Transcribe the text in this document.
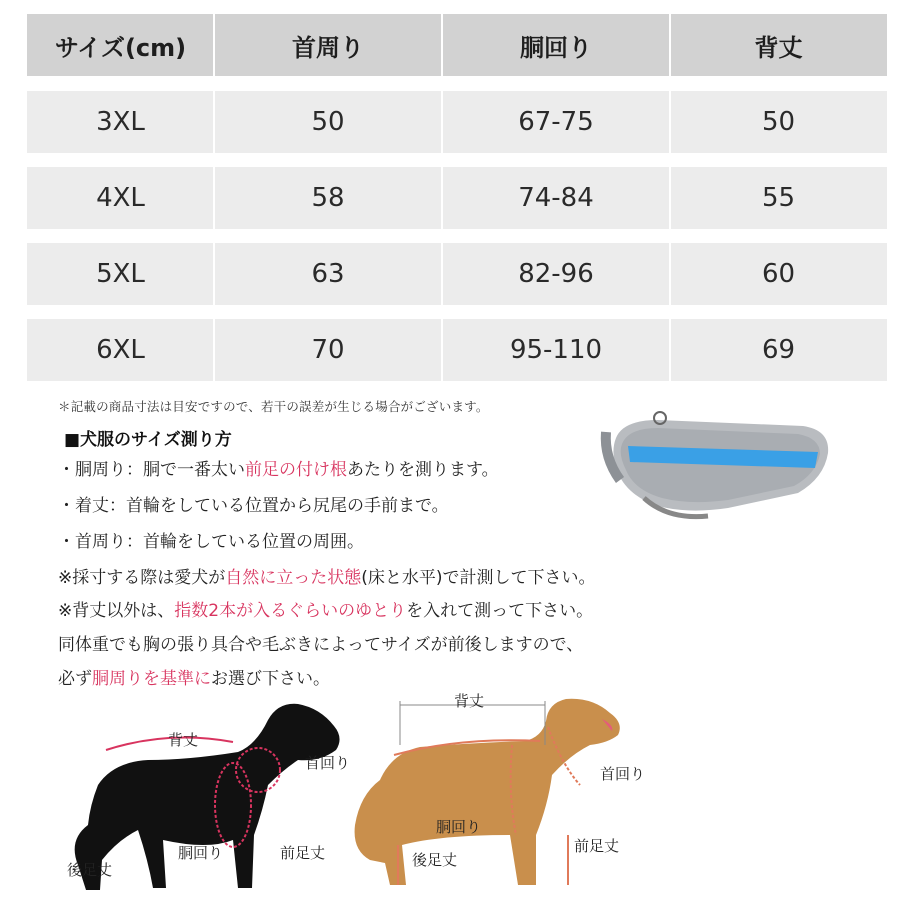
サイズ(cm)	首周り	胴回り	背丈
3XL	50	67-75	50
4XL	58	74-84	55
5XL	63	82-96	60
6XL	70	95-110	69
＊記載の商品寸法は目安ですので、若干の誤差が生じる場合がございます。
■犬服のサイズ測り方
・胴周り：胴で一番太い前足の付け根あたりを測ります。
・着丈：首輪をしている位置から尻尾の手前まで。
・首周り：首輪をしている位置の周囲。
※採寸する際は愛犬が自然に立った状態(床と水平)で計測して下さい。
※背丈以外は、指数2本が入るぐらいのゆとりを入れて測って下さい。
同体重でも胸の張り具合や毛ぶきによってサイズが前後しますので、
必ず胴周りを基準にお選び下さい。
背丈
首回り
胴回り	前足丈
後足丈
背丈
首回り
胴回り
前足丈
後足丈
